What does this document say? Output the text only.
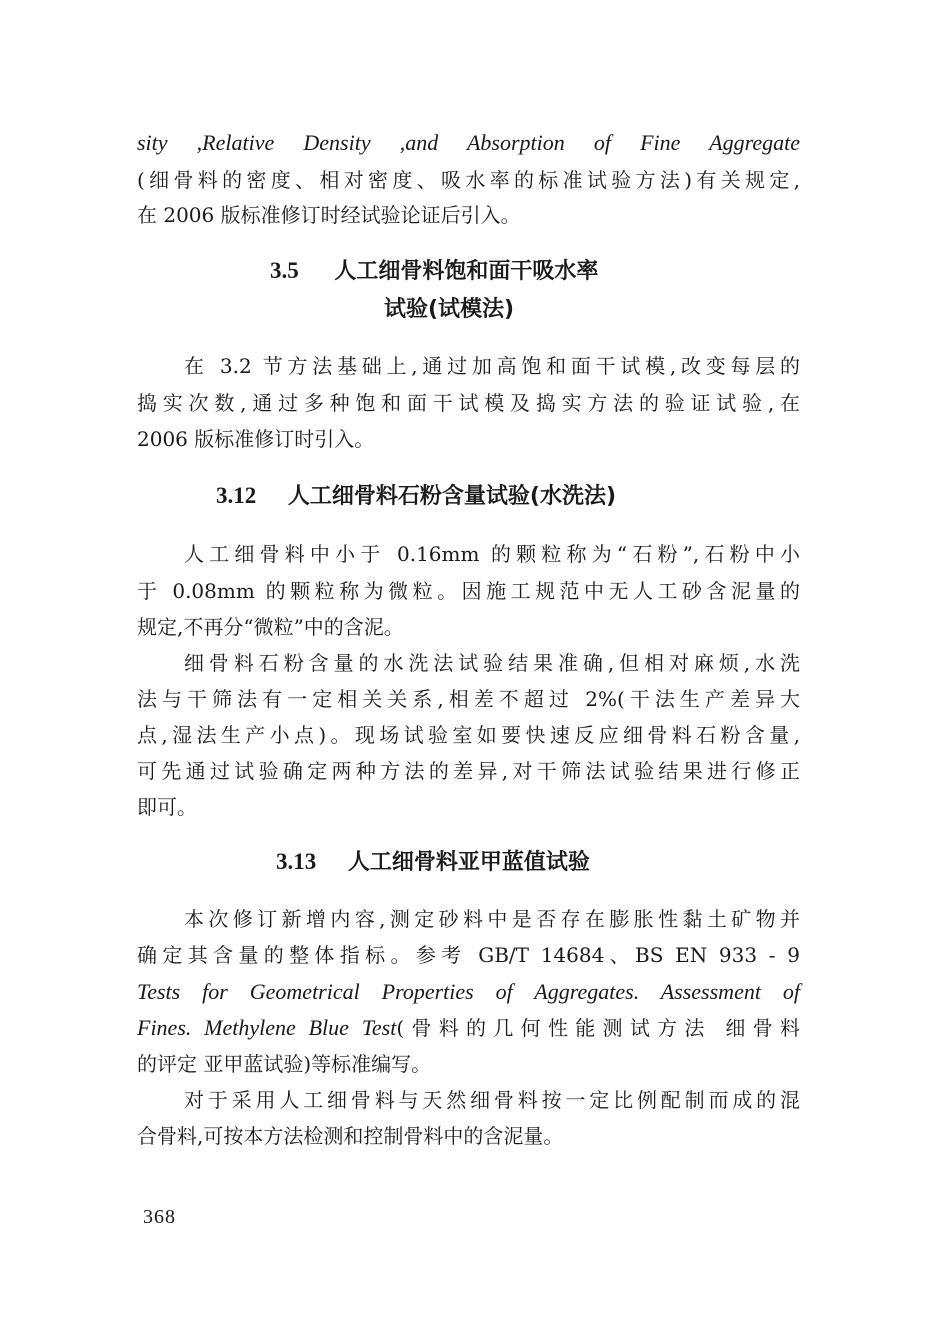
sity ,Relative Density ,and Absorption of Fine Aggregate
(细骨料的密度、相对密度、吸水率的标准试验方法)有关规定,
在 2006 版标准修订时经试验论证后引入。
3.5 人工细骨料饱和面干吸水率
试验(试模法)
在 3.2 节方法基础上,通过加高饱和面干试模,改变每层的
捣实次数,通过多种饱和面干试模及捣实方法的验证试验,在
2006 版标准修订时引入。
3.12 人工细骨料石粉含量试验(水洗法)
人工细骨料中小于 0.16mm 的颗粒称为“石粉”,石粉中小
于 0.08mm 的颗粒称为微粒。因施工规范中无人工砂含泥量的
规定,不再分“微粒”中的含泥。
细骨料石粉含量的水洗法试验结果准确,但相对麻烦,水洗
法与干筛法有一定相关关系,相差不超过 2%(干法生产差异大
点,湿法生产小点)。现场试验室如要快速反应细骨料石粉含量,
可先通过试验确定两种方法的差异,对干筛法试验结果进行修正
即可。
3.13 人工细骨料亚甲蓝值试验
本次修订新增内容,测定砂料中是否存在膨胀性黏土矿物并
确定其含量的整体指标。参考 GB/T 14684、BS EN 933 - 9
Tests for Geometrical Properties of Aggregates. Assessment of
Fines. Methylene Blue Test(骨料的几何性能测试方法 细骨料
的评定 亚甲蓝试验)等标准编写。
对于采用人工细骨料与天然细骨料按一定比例配制而成的混
合骨料,可按本方法检测和控制骨料中的含泥量。
368
